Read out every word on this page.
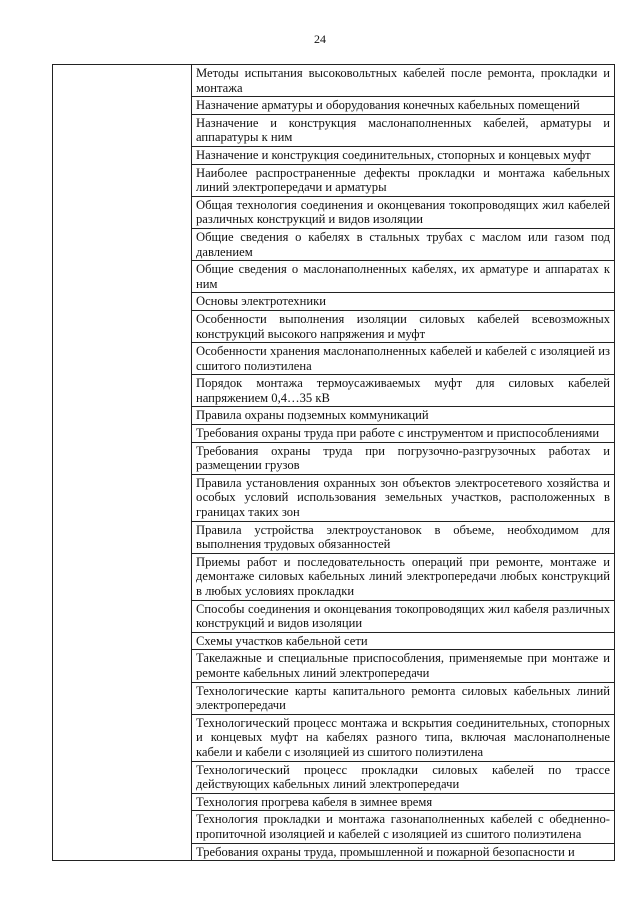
24
	Методы испытания высоковольтных кабелей после ремонта, прокладки и монтажа
Назначение арматуры и оборудования конечных кабельных помещений
Назначение и конструкция маслонаполненных кабелей, арматуры и аппаратуры к ним
Назначение и конструкция соединительных, стопорных и концевых муфт
Наиболее распространенные дефекты прокладки и монтажа кабельных линий электропередачи и арматуры
Общая технология соединения и оконцевания токопроводящих жил кабелей различных конструкций и видов изоляции
Общие сведения о кабелях в стальных трубах с маслом или газом под давлением
Общие сведения о маслонаполненных кабелях, их арматуре и аппаратах к ним
Основы электротехники
Особенности выполнения изоляции силовых кабелей всевозможных конструкций высокого напряжения и муфт
Особенности хранения маслонаполненных кабелей и кабелей с изоляцией из сшитого полиэтилена
Порядок монтажа термоусаживаемых муфт для силовых кабелей напряжением 0,4…35 кВ
Правила охраны подземных коммуникаций
Требования охраны труда при работе с инструментом и приспособлениями
Требования охраны труда при погрузочно-разгрузочных работах и размещении грузов
Правила установления охранных зон объектов электросетевого хозяйства и особых условий использования земельных участков, расположенных в границах таких зон
Правила устройства электроустановок в объеме, необходимом для выполнения трудовых обязанностей
Приемы работ и последовательность операций при ремонте, монтаже и демонтаже силовых кабельных линий электропередачи любых конструкций в любых условиях прокладки
Способы соединения и оконцевания токопроводящих жил кабеля различных конструкций и видов изоляции
Схемы участков кабельной сети
Такелажные и специальные приспособления, применяемые при монтаже и ремонте кабельных линий электропередачи
Технологические карты капитального ремонта силовых кабельных линий электропередачи
Технологический процесс монтажа и вскрытия соединительных, стопорных и концевых муфт на кабелях разного типа, включая маслонаполненые кабели и кабели с изоляцией из сшитого полиэтилена
Технологический процесс прокладки силовых кабелей по трассе действующих кабельных линий электропередачи
Технология прогрева кабеля в зимнее время
Технология прокладки и монтажа газонаполненных кабелей с обедненно-пропиточной изоляцией и кабелей с изоляцией из сшитого полиэтилена
Требования охраны труда, промышленной и пожарной безопасности и
